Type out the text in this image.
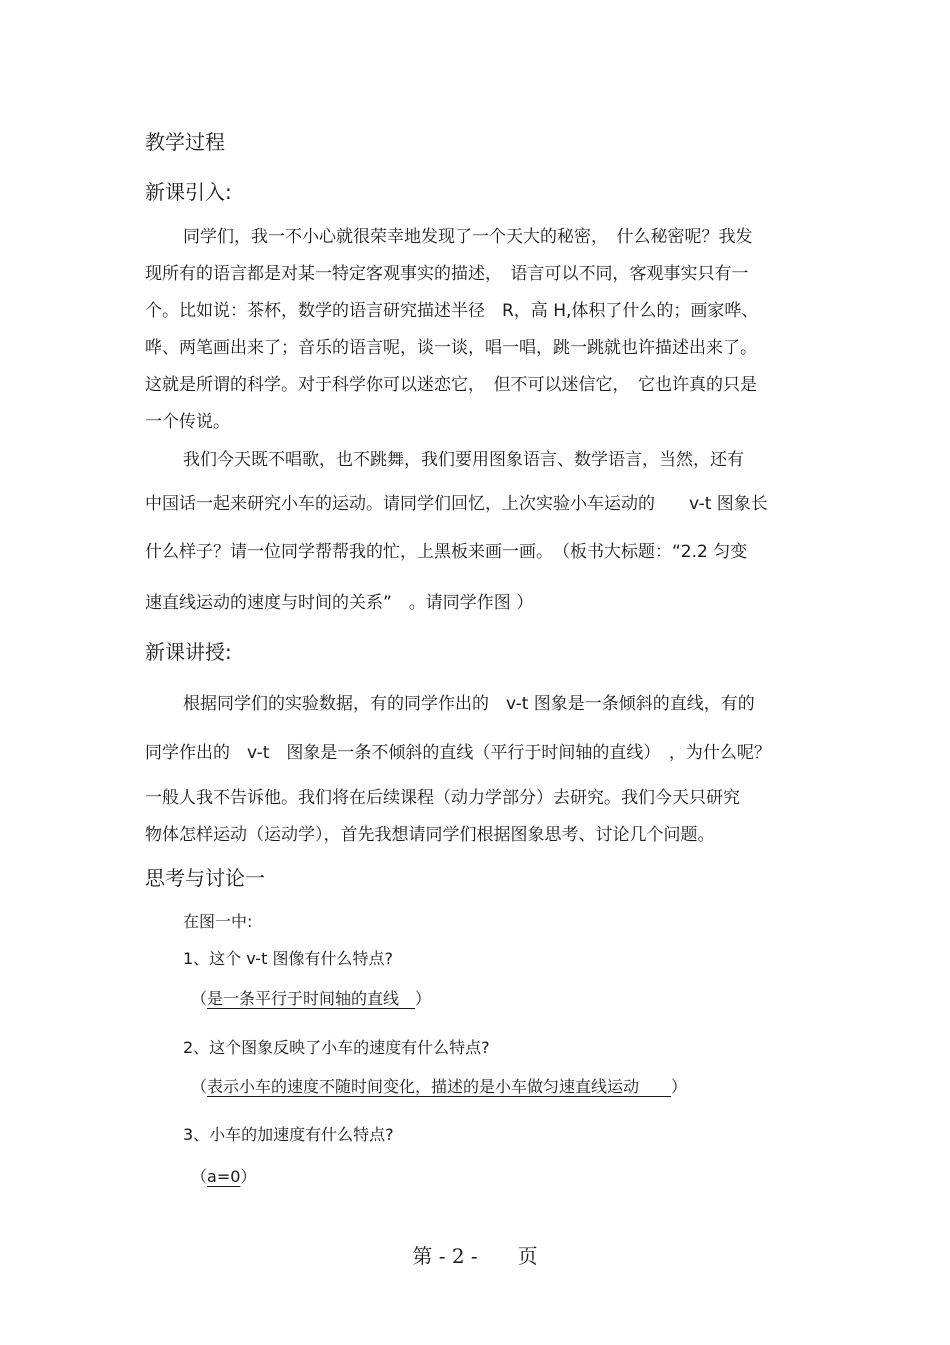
教学过程
新课引入:
同学们，我一不小心就很荣幸地发现了一个天大的秘密，　什么秘密呢？我发
现所有的语言都是对某一特定客观事实的描述，　语言可以不同，客观事实只有一
个。比如说：茶杯，数学的语言研究描述半径　R，高 H,体积了什么的；画家哗、
哗、两笔画出来了；音乐的语言呢，谈一谈，唱一唱，跳一跳就也许描述出来了。
这就是所谓的科学。对于科学你可以迷恋它，　但不可以迷信它，　它也许真的只是
一个传说。
我们今天既不唱歌，也不跳舞，我们要用图象语言、数学语言，当然，还有
中国话一起来研究小车的运动。请同学们回忆，上次实验小车运动的　　v-t 图象长
什么样子？请一位同学帮帮我的忙，上黑板来画一画。　（板书大标题：“2.2 匀变
速直线运动的速度与时间的关系”　。请同学作图 ）
新课讲授:
根据同学们的实验数据，有的同学作出的　v-t 图象是一条倾斜的直线，有的
同学作出的　v-t　图象是一条不倾斜的直线（平行于时间轴的直线）　，为什么呢？
一般人我不告诉他。我们将在后续课程（动力学部分）去研究。我们今天只研究
物体怎样运动（运动学），首先我想请同学们根据图象思考、讨论几个问题。
思考与讨论一
在图一中:
1、这个 v-t 图像有什么特点?
（是一条平行于时间轴的直线　）
2、这个图象反映了小车的速度有什么特点?
（表示小车的速度不随时间变化，描述的是小车做匀速直线运动　　）
3、小车的加速度有什么特点?
（a=0）
第 - 2 -　　页
